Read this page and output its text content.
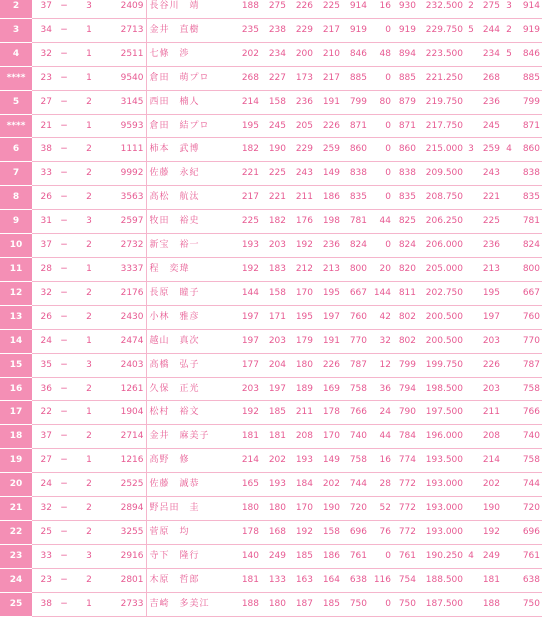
2	37	−	3	2409	長谷川　靖	188	275	226	225	914	16	930	232.500	2	275	3	914
3	34	−	1	2713	金井　直樹	235	238	229	217	919	0	919	229.750	5	244	2	919
4	32	−	1	2511	七條　渉	202	234	200	210	846	48	894	223.500		234	5	846
****	23	−	1	9540	倉田　萌プロ	268	227	173	217	885	0	885	221.250		268		885
5	27	−	2	3145	西田　楠人	214	158	236	191	799	80	879	219.750		236		799
****	21	−	1	9593	倉田　結プロ	195	245	205	226	871	0	871	217.750		245		871
6	38	−	2	1111	柿本　武博	182	190	229	259	860	0	860	215.000	3	259	4	860
7	33	−	2	9992	佐藤　永紀	221	225	243	149	838	0	838	209.500		243		838
8	26	−	2	3563	高松　航汰	217	221	211	186	835	0	835	208.750		221		835
9	31	−	3	2597	牧田　裕史	225	182	176	198	781	44	825	206.250		225		781
10	37	−	2	2732	新宝　裕一	193	203	192	236	824	0	824	206.000		236		824
11	28	−	1	3337	程　奕瑋	192	183	212	213	800	20	820	205.000		213		800
12	32	−	2	2176	長原　瞳子	144	158	170	195	667	144	811	202.750		195		667
13	26	−	2	2430	小林　雅彦	197	171	195	197	760	42	802	200.500		197		760
14	24	−	1	2474	越山　真次	197	203	179	191	770	32	802	200.500		203		770
15	35	−	3	2403	高橋　弘子	177	204	180	226	787	12	799	199.750		226		787
16	36	−	2	1261	久保　正光	203	197	189	169	758	36	794	198.500		203		758
17	22	−	1	1904	松村　裕文	192	185	211	178	766	24	790	197.500		211		766
18	37	−	2	2714	金井　麻美子	181	181	208	170	740	44	784	196.000		208		740
19	27	−	1	1216	高野　修	214	202	193	149	758	16	774	193.500		214		758
20	24	−	2	2525	佐藤　誠恭	165	193	184	202	744	28	772	193.000		202		744
21	32	−	2	2894	野呂田　圭	180	180	170	190	720	52	772	193.000		190		720
22	25	−	2	3255	菅原　均	178	168	192	158	696	76	772	193.000		192		696
23	33	−	3	2916	寺下　隆行	140	249	185	186	761	0	761	190.250	4	249		761
24	23	−	2	2801	木原　哲郎	181	133	163	164	638	116	754	188.500		181		638
25	38	−	1	2733	吉崎　多美江	188	180	187	185	750	0	750	187.500		188		750
